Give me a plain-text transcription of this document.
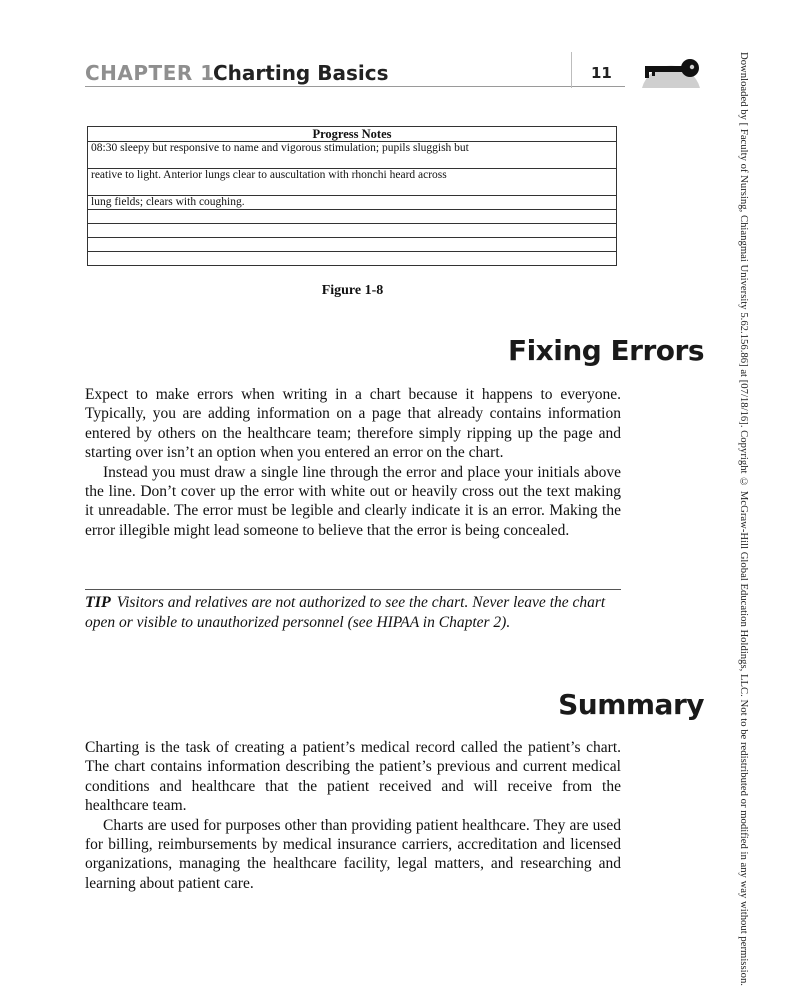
CHAPTER 1
Charting Basics	11
Progress Notes

08:30 sleepy but responsive to name and vigorous stimulation; pupils sluggish but

reative to light. Anterior lungs clear to auscultation with rhonchi heard across

lung fields; clears with coughing.

Figure 1-8
Fixing Errors

Expect to make errors when writing in a chart because it happens to everyone. Typically, you are adding information on a page that already contains information entered by others on the healthcare team; therefore simply ripping up the page and starting over isn’t an option when you entered an error on the chart.

Instead you must draw a single line through the error and place your initials above the line. Don’t cover up the error with white out or heavily cross out the text making it unreadable. The error must be legible and clearly indicate it is an error. Making the error illegible might lead someone to believe that the error is being concealed.

TIP Visitors and relatives are not authorized to see the chart. Never leave the chart open or visible to unauthorized personnel (see HIPAA in Chapter 2).

Summary

Charting is the task of creating a patient’s medical record called the patient’s chart. The chart contains information describing the patient’s previous and current medical conditions and healthcare that the patient received and will receive from the healthcare team.

Charts are used for purposes other than providing patient healthcare. They are used for billing, reimbursements by medical insurance carriers, accreditation and licensed organizations, managing the healthcare facility, legal matters, and researching and learning about patient care.	Downloaded by [ Faculty of Nursing, Chiangmai University 5.62.156.86] at [07/18/16]. Copyright © McGraw-Hill Global Education Holdings, LLC. Not to be redistributed or modified in any way without permission.
